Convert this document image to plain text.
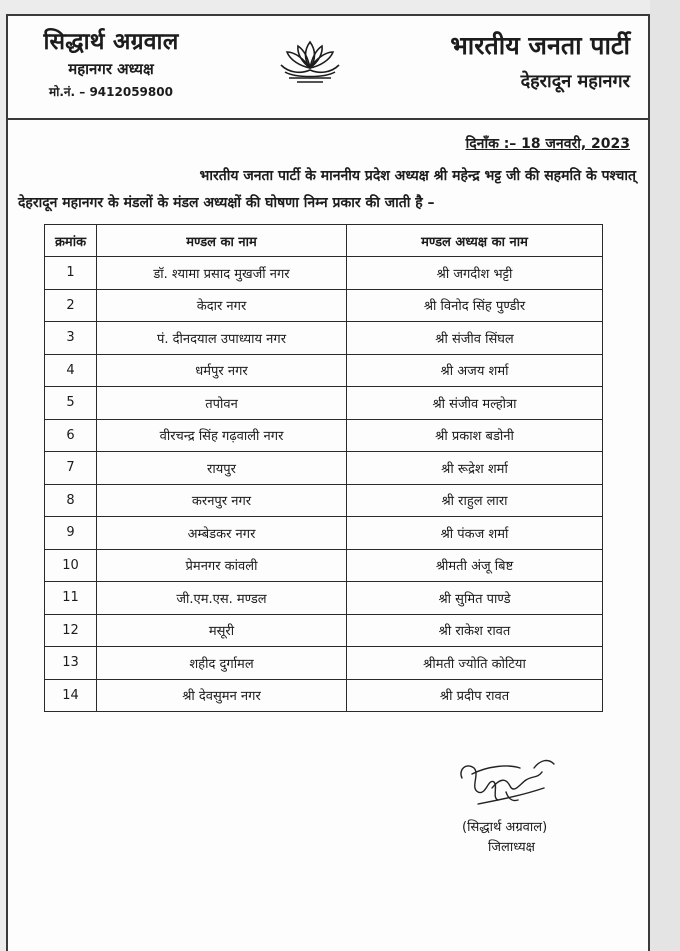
सिद्धार्थ अग्रवाल
महानगर अध्यक्ष
मो.नं. – 9412059800
भारतीय जनता पार्टी
देहरादून महानगर
दिनाँक :– 18 जनवरी, 2023
भारतीय जनता पार्टी के माननीय प्रदेश अध्यक्ष श्री महेन्द्र भट्ट जी की सहमति के पश्चात्
देहरादून महानगर के मंडलों के मंडल अध्यक्षों की घोषणा निम्न प्रकार की जाती है –
क्रमांक	मण्डल का नाम	मण्डल अध्यक्ष का नाम
1	डॉ. श्यामा प्रसाद मुखर्जी नगर	श्री जगदीश भट्टी
2	केदार नगर	श्री विनोद सिंह पुण्डीर
3	पं. दीनदयाल उपाध्याय नगर	श्री संजीव सिंघल
4	धर्मपुर नगर	श्री अजय शर्मा
5	तपोवन	श्री संजीव मल्होत्रा
6	वीरचन्द्र सिंह गढ़वाली नगर	श्री प्रकाश बडोनी
7	रायपुर	श्री रूद्रेश शर्मा
8	करनपुर नगर	श्री राहुल लारा
9	अम्बेडकर नगर	श्री पंकज शर्मा
10	प्रेमनगर कांवली	श्रीमती अंजू बिष्ट
11	जी.एम.एस. मण्डल	श्री सुमित पाण्डे
12	मसूरी	श्री राकेश रावत
13	शहीद दुर्गामल	श्रीमती ज्योति कोटिया
14	श्री देवसुमन नगर	श्री प्रदीप रावत
(सिद्धार्थ अग्रवाल)
जिलाध्यक्ष
